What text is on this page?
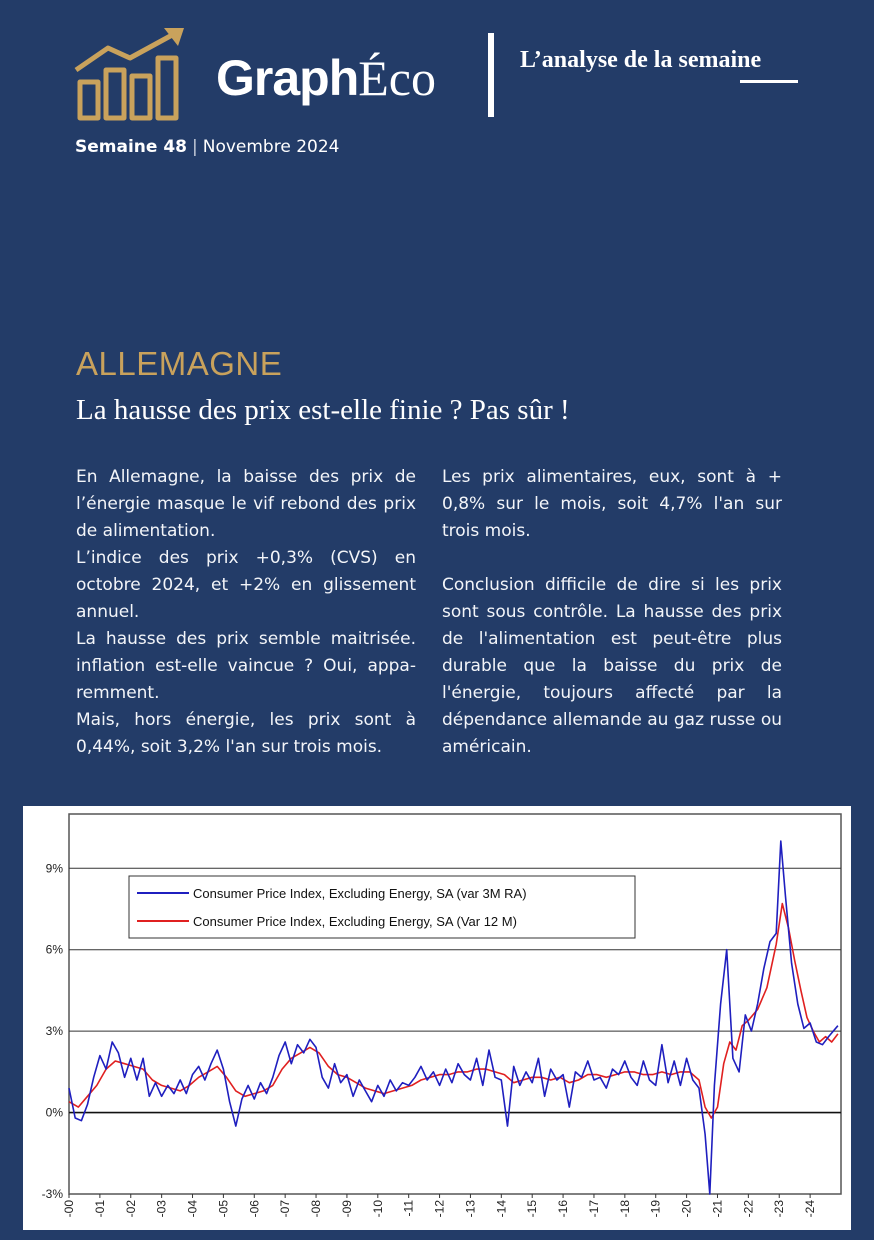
GraphÉco	L’analyse de la semaine
Semaine 48 | Novembre 2024
ALLEMAGNE
La hausse des prix est-elle finie ? Pas sûr !

En Allemagne, la baisse des prix de l’énergie masque le vif rebond des prix de alimentation.

L’indice des prix +0,3% (CVS) en octobre 2024, et +2% en glissement annuel.

La hausse des prix semble maitrisée. inflation est-elle vaincue ? Oui, appa-remment.

Mais, hors énergie, les prix sont à 0,44%, soit 3,2% l'an sur trois mois.

Les prix alimentaires, eux, sont à + 0,8% sur le mois, soit 4,7% l'an sur trois mois.

Conclusion difficile de dire si les prix sont sous contrôle. La hausse des prix de l'alimentation est peut-être plus durable que la baisse du prix de l'énergie, toujours affecté par la dépendance allemande au gaz russe ou américain.

-3%
0%
3%
6%
9%
-00 -01 -02 -03 -04 -05 -06 -07 -08 -09 -10 -11 -12 -13 -14 -15 -16 -17 -18 -19 -20 -21 -22 -23 -24
Consumer Price Index, Excluding Energy, SA (var 3M RA)
Consumer Price Index, Excluding Energy, SA (Var 12 M)
